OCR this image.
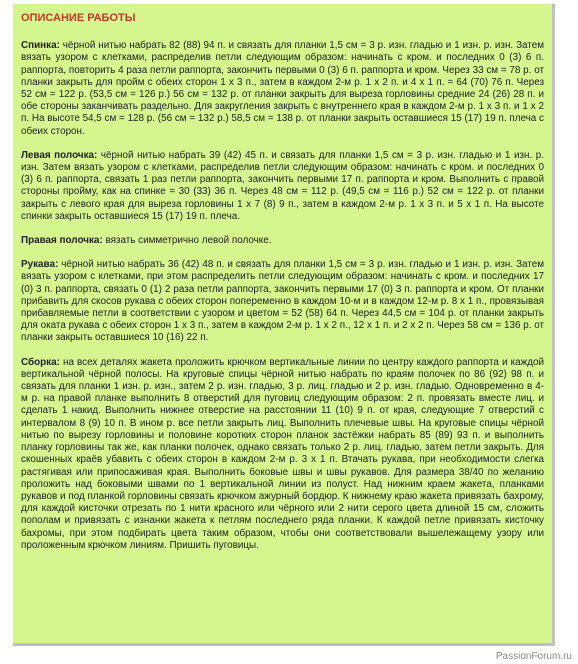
ОПИСАНИЕ РАБОТЫ
Спинка: чёрной нитью набрать 82 (88) 94 п. и связать для планки 1,5 см = 3 р. изн. гладью и 1 изн. р. изн. Затем вязать узором с клетками, распределив петли следующим образом: начинать с кром. и последних 0 (3) 6 п. раппорта, повторить 4 раза петли раппорта, закончить первыми 0 (3) 6 п. раппорта и кром. Через 33 см = 78 р. от планки закрыть для пройм с обеих сторон 1 х 3 п., затем в каждом 2-м р. 1 х 2 п. и 4 х 1 п. = 64 (70) 76 п. Через 52 см = 122 р. (53,5 см = 126 р.) 56 см = 132 р. от планки закрыть для выреза горловины средние 24 (26) 28 п. и обе стороны заканчивать раздельно. Для закругления закрыть с внутреннего края в каждом 2-м р. 1 х 3 п. и 1 х 2 п. На высоте 54,5 см = 128 р. (56 см = 132 р.) 58,5 см = 138 р. от планки закрыть оставшиеся 15 (17) 19 п. плеча с обеих сторон.
Левая полочка: чёрной нитью набрать 39 (42) 45 п. и связать для планки 1,5 см = 3 р. изн. гладью и 1 изн. р. изн. Затем вязать узором с клетками, распределив петли следующим образом: начинать с кром. и последних 0 (3) 6 п. раппорта, связать 1 раз петли раппорта, закончить первыми 17 п. раппорта и кром. Выполнить с правой стороны пройму, как на спинке = 30 (33) 36 п. Через 48 см = 112 р. (49,5 см = 116 р.) 52 см = 122 р. от планки закрыть с левого края для выреза горловины 1 х 7 (8) 9 п., затем в каждом 2-м р. 1 х 3 п. и 5 х 1 п. На высоте спинки закрыть оставшиеся 15 (17) 19 п. плеча.
Правая полочка: вязать симметрично левой полочке.
Рукава: чёрной нитью набрать 36 (42) 48 п. и связать для планки 1,5 см = 3 р. изн. гладью и 1 изн. р. изн. Затем вязать узором с клетками, при этом распределить петли следующим образом: начинать с кром. и последних 17 (0) 3 п. раппорта, связать 0 (1) 2 раза петли раппорта, закончить первыми 17 (0) 3 п. раппорта и кром. От планки прибавить для скосов рукава с обеих сторон попеременно в каждом 10-м и в каждом 12-м р. 8 х 1 п., провязывая прибавляемые петли в соответствии с узором и цветом = 52 (58) 64 п. Через 44,5 см = 104 р. от планки закрыть для оката рукава с обеих сторон 1 х 3 п., затем в каждом 2-м р. 1 х 2 п., 12 х 1 п. и 2 х 2 п. Через 58 см = 136 р. от планки закрыть оставшиеся 10 (16) 22 п.
Сборка: на всех деталях жакета проложить крючком вертикальные линии по центру каждого раппорта и каждой вертикальной чёрной полосы. На круговые спицы чёрной нитью набрать по краям полочек по 86 (92) 98 п. и связать для планки 1 изн. р. изн., затем 2 р. изн. гладью, 3 р. лиц. гладью и 2 р. изн. гладью. Одновременно в 4-м р. на правой планке выполнить 8 отверстий для пуговиц следующим образом: 2 п. провязать вместе лиц. и сделать 1 накид. Выполнить нижнее отверстие на расстоянии 11 (10) 9 п. от края, следующие 7 отверстий с интервалом 8 (9) 10 п. В ином р. все петли закрыть лиц. Выполнить плечевые швы. На круговые спицы чёрной нитью по вырезу горловины и половине коротких сторон планок застёжки набрать 85 (89) 93 п. и выполнить планку горловины так же, как планки полочек, однако связать только 2 р. лиц. гладью, затем петли закрыть. Для скошенных краёв убавить с обеих сторон в каждом 2-м р. 3 х 1 п. Втачать рукава, при необходимости слегка растягивая или припосаживая края. Выполнить боковые швы и швы рукавов. Для размера 38/40 по желанию проложить над боковыми швами по 1 вертикальной линии из полуст. Над нижним краем жакета, планками рукавов и под планкой горловины связать крючком ажурный бордюр. К нижнему краю жакета привязать бахрому, для каждой кисточки отрезать по 1 нити красного или чёрного или 2 нити серого цвета длиной 15 см, сложить пополам и привязать с изнанки жакета к петлям последнего ряда планки. К каждой петле привязать кисточку бахромы, при этом подбирать цвета таким образом, чтобы они соответствовали вышележащему узору или проложенным крючком линиям. Пришить пуговицы.
PassionForum.ru
